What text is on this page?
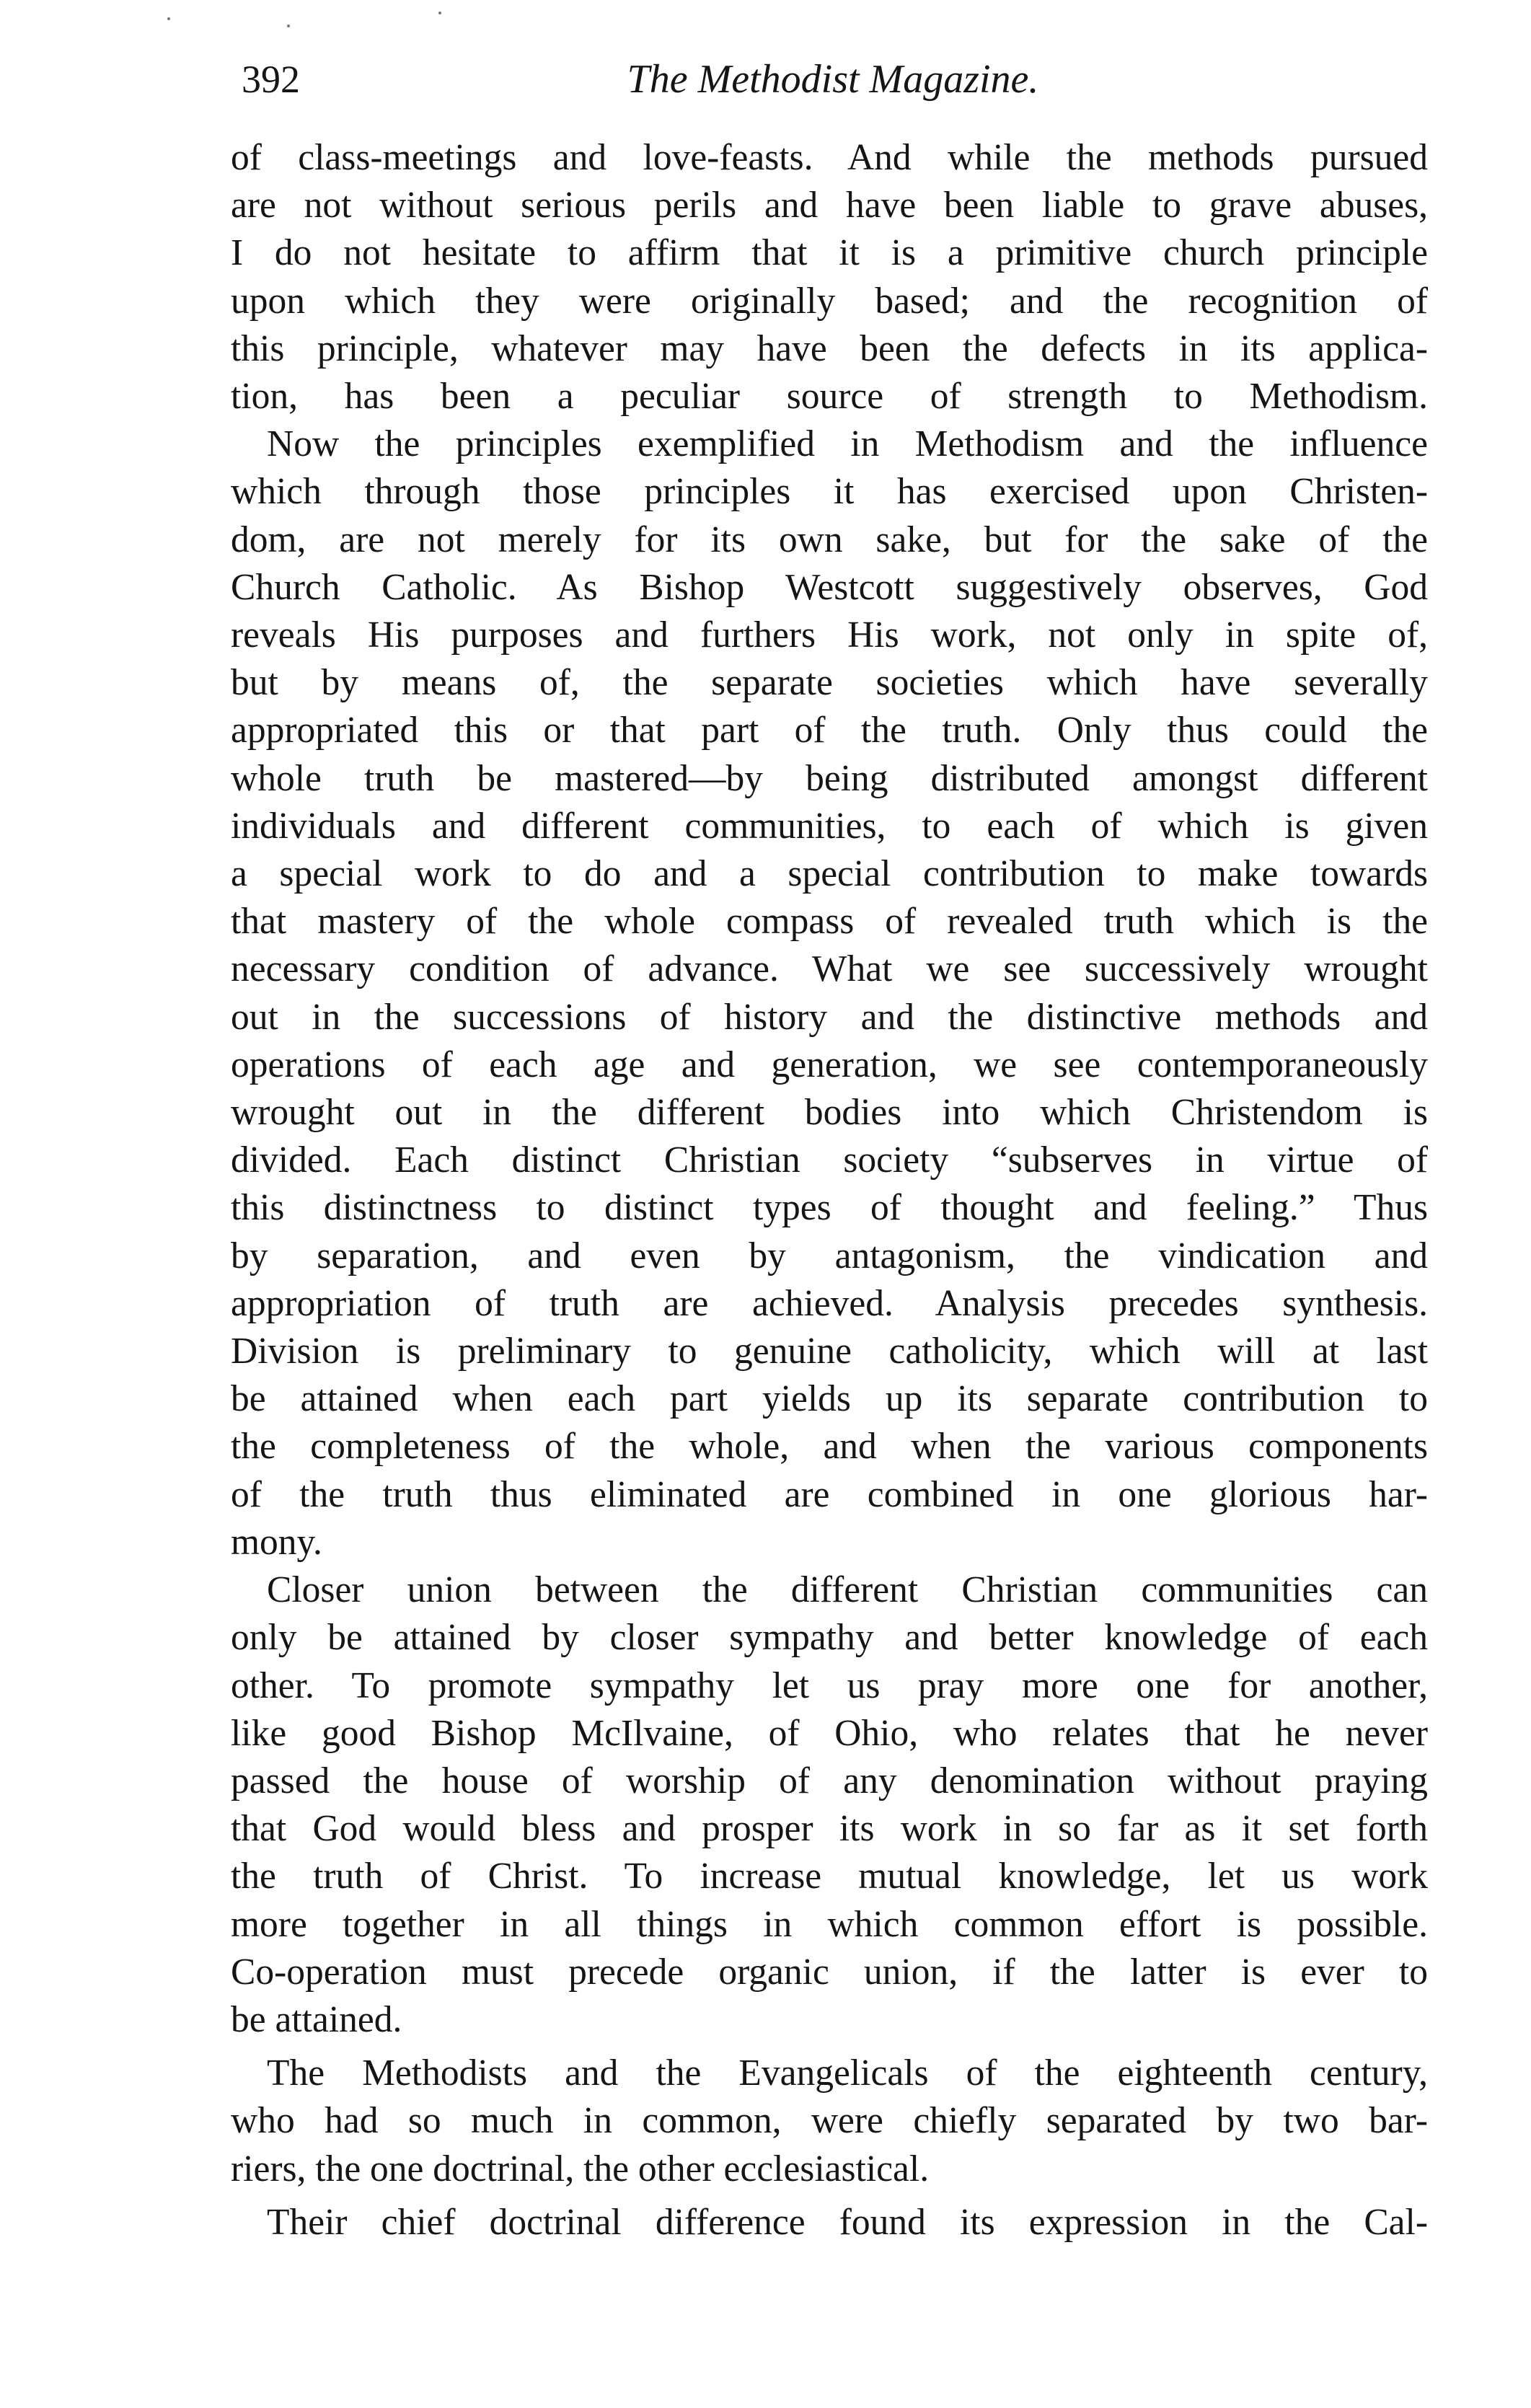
392	The Methodist Magazine.
of class-meetings and love-feasts. And while the methods pursued
are not without serious perils and have been liable to grave abuses,
I do not hesitate to affirm that it is a primitive church principle
upon which they were originally based; and the recognition of
this principle, whatever may have been the defects in its applica-
tion, has been a peculiar source of strength to Methodism.
Now the principles exemplified in Methodism and the influence
which through those principles it has exercised upon Christen-
dom, are not merely for its own sake, but for the sake of the
Church Catholic. As Bishop Westcott suggestively observes, God
reveals His purposes and furthers His work, not only in spite of,
but by means of, the separate societies which have severally
appropriated this or that part of the truth. Only thus could the
whole truth be mastered—by being distributed amongst different
individuals and different communities, to each of which is given
a special work to do and a special contribution to make towards
that mastery of the whole compass of revealed truth which is the
necessary condition of advance. What we see successively wrought
out in the successions of history and the distinctive methods and
operations of each age and generation, we see contemporaneously
wrought out in the different bodies into which Christendom is
divided. Each distinct Christian society “subserves in virtue of
this distinctness to distinct types of thought and feeling.” Thus
by separation, and even by antagonism, the vindication and
appropriation of truth are achieved. Analysis precedes synthesis.
Division is preliminary to genuine catholicity, which will at last
be attained when each part yields up its separate contribution to
the completeness of the whole, and when the various components
of the truth thus eliminated are combined in one glorious har-
mony.
Closer union between the different Christian communities can
only be attained by closer sympathy and better knowledge of each
other. To promote sympathy let us pray more one for another,
like good Bishop McIlvaine, of Ohio, who relates that he never
passed the house of worship of any denomination without praying
that God would bless and prosper its work in so far as it set forth
the truth of Christ. To increase mutual knowledge, let us work
more together in all things in which common effort is possible.
Co-operation must precede organic union, if the latter is ever to
be attained.
The Methodists and the Evangelicals of the eighteenth century,
who had so much in common, were chiefly separated by two bar-
riers, the one doctrinal, the other ecclesiastical.
Their chief doctrinal difference found its expression in the Cal-
